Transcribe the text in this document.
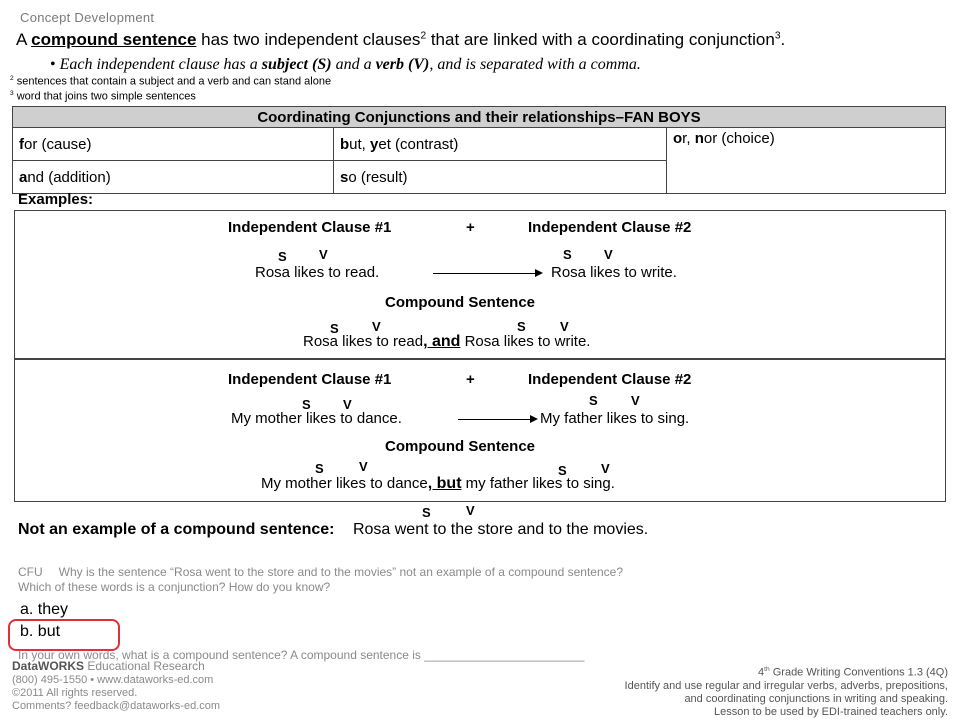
Concept Development
A compound sentence has two independent clauses$^2$ that are linked with a coordinating conjunction$^3$.
• Each independent clause has a subject (S) and a verb (V), and is separated with a comma.
$^2$ sentences that contain a subject and a verb and can stand alone
$^3$ word that joins two simple sentences
Coordinating Conjunctions and their relationships–FAN BOYS		
for (cause)	but, yet (contrast)	or, nor (choice)
and (addition)	so (result)	
Examples:
Independent Clause #1	+	Independent Clause #2
S V	S V
Rosa likes to read.	Rosa likes to write.
Compound Sentence
S	V	S	V
Rosa likes to read, and Rosa likes to write.
Independent Clause #1	+	Independent Clause #2
S V	S	V
My mother likes to dance.	My father likes to sing.
Compound Sentence
S	V	S	V
My mother likes to dance, but my father likes to sing.
S	V
Not an example of a compound sentence: Rosa went to the store and to the movies.
CFU Why is the sentence “Rosa went to the store and to the movies” not an example of a compound sentence?
Which of these words is a conjunction? How do you know?
a. they
b. but
In your own words, what is a compound sentence? A compound sentence is ________________________
DataWORKS Educational Research
(800) 495-1550 • www.dataworks-ed.com
©2011 All rights reserved.
Comments? feedback@dataworks-ed.com
4th Grade Writing Conventions 1.3 (4Q)
Identify and use regular and irregular verbs, adverbs, prepositions,
and coordinating conjunctions in writing and speaking.
Lesson to be used by EDI-trained teachers only.
